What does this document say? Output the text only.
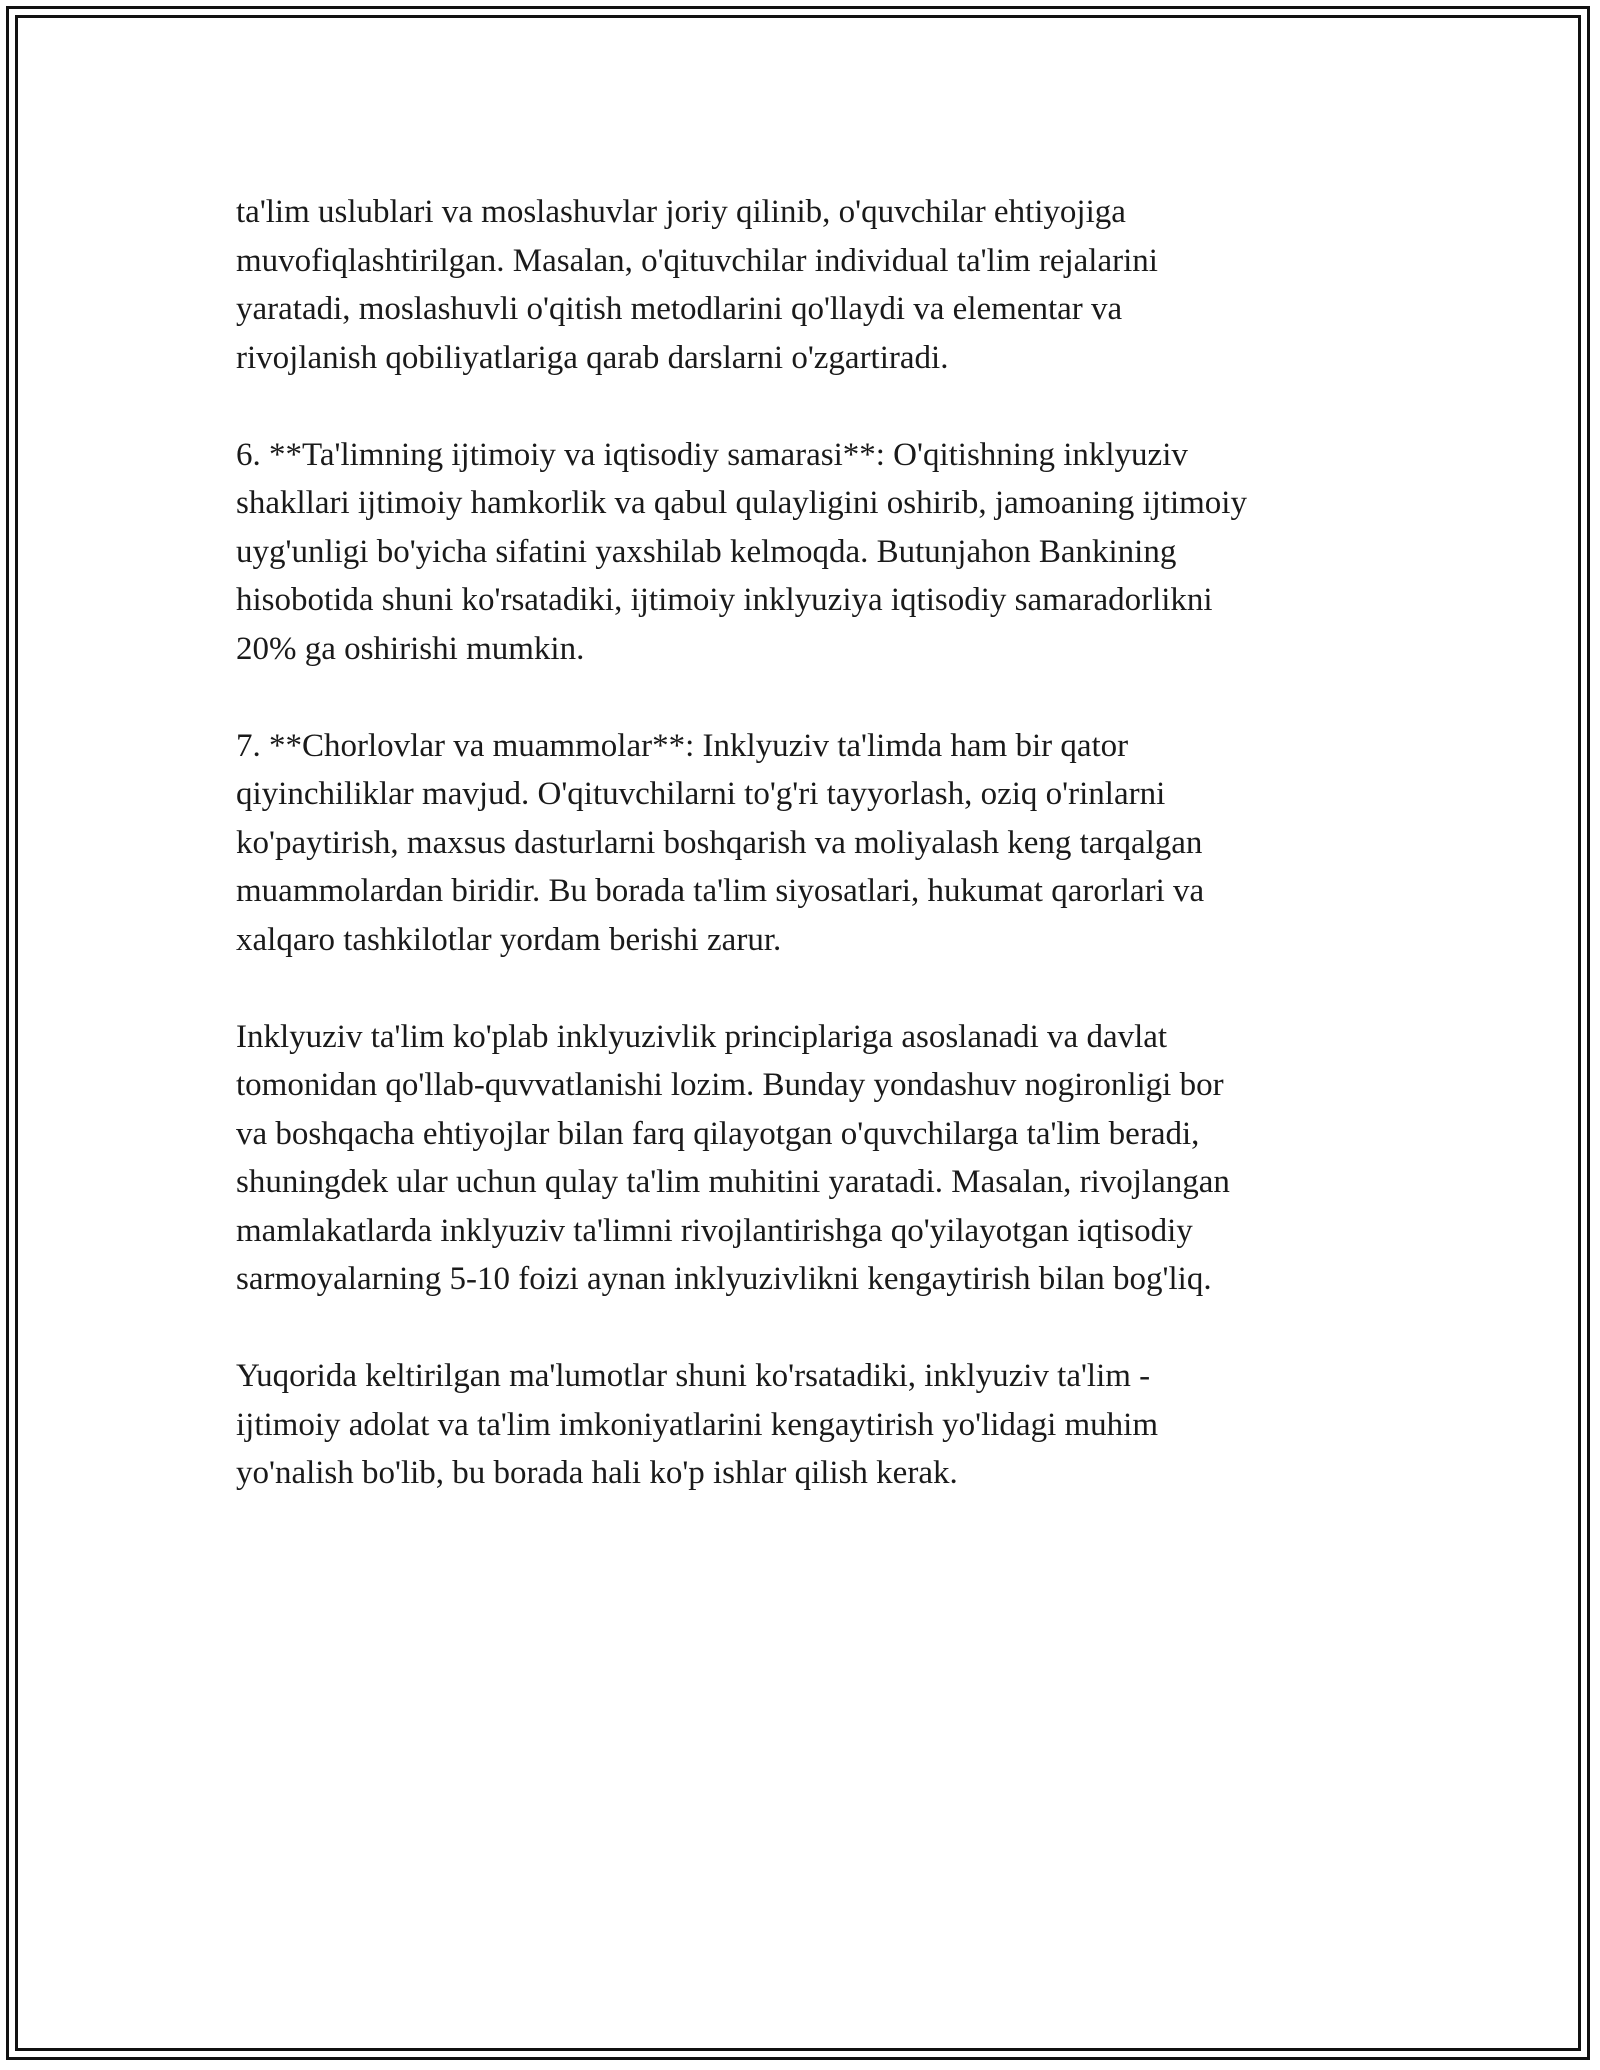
ta'lim uslublari va moslashuvlar joriy qilinib, o'quvchilar ehtiyojiga
muvofiqlashtirilgan. Masalan, o'qituvchilar individual ta'lim rejalarini
yaratadi, moslashuvli o'qitish metodlarini qo'llaydi va elementar va
rivojlanish qobiliyatlariga qarab darslarni o'zgartiradi.

6. **Ta'limning ijtimoiy va iqtisodiy samarasi**: O'qitishning inklyuziv
shakllari ijtimoiy hamkorlik va qabul qulayligini oshirib, jamoaning ijtimoiy
uyg'unligi bo'yicha sifatini yaxshilab kelmoqda. Butunjahon Bankining
hisobotida shuni ko'rsatadiki, ijtimoiy inklyuziya iqtisodiy samaradorlikni
20% ga oshirishi mumkin.

7. **Chorlovlar va muammolar**: Inklyuziv ta'limda ham bir qator
qiyinchiliklar mavjud. O'qituvchilarni to'g'ri tayyorlash, oziq o'rinlarni
ko'paytirish, maxsus dasturlarni boshqarish va moliyalash keng tarqalgan
muammolardan biridir. Bu borada ta'lim siyosatlari, hukumat qarorlari va
xalqaro tashkilotlar yordam berishi zarur.

Inklyuziv ta'lim ko'plab inklyuzivlik principlariga asoslanadi va davlat
tomonidan qo'llab-quvvatlanishi lozim. Bunday yondashuv nogironligi bor
va boshqacha ehtiyojlar bilan farq qilayotgan o'quvchilarga ta'lim beradi,
shuningdek ular uchun qulay ta'lim muhitini yaratadi. Masalan, rivojlangan
mamlakatlarda inklyuziv ta'limni rivojlantirishga qo'yilayotgan iqtisodiy
sarmoyalarning 5-10 foizi aynan inklyuzivlikni kengaytirish bilan bog'liq.

Yuqorida keltirilgan ma'lumotlar shuni ko'rsatadiki, inklyuziv ta'lim -
ijtimoiy adolat va ta'lim imkoniyatlarini kengaytirish yo'lidagi muhim
yo'nalish bo'lib, bu borada hali ko'p ishlar qilish kerak.
